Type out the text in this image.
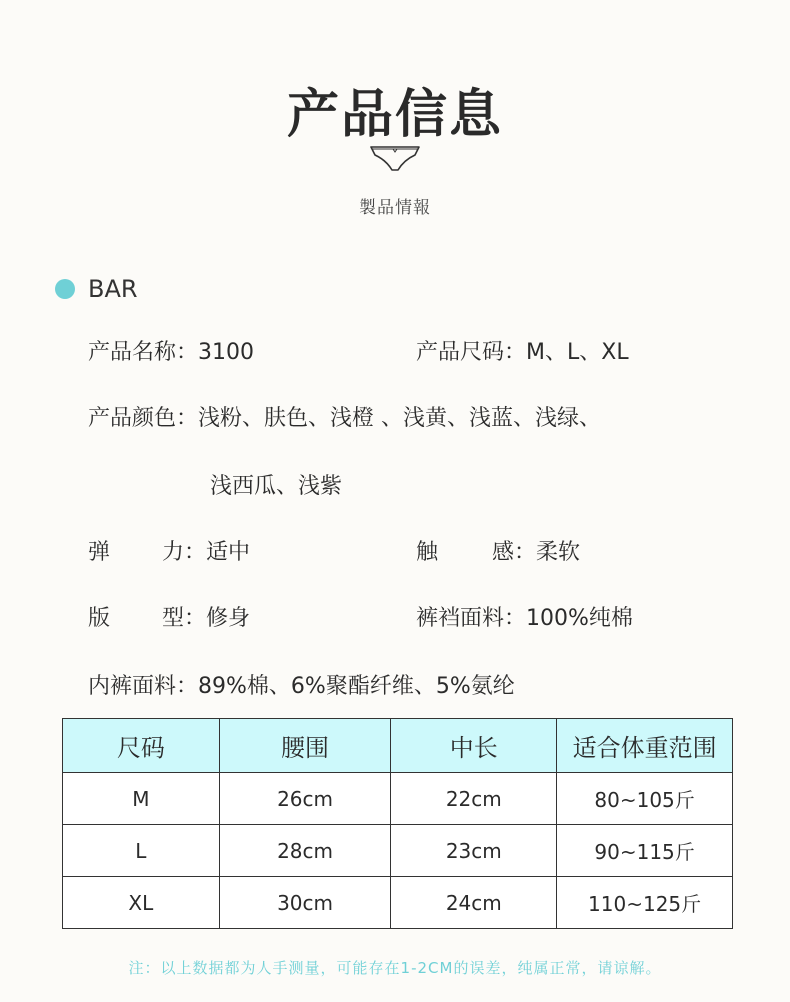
产品信息
製品情報
BAR
产品名称：3100	产品尺码：M、L、XL
产品颜色：浅粉、肤色、浅橙 、浅黄、浅蓝、浅绿、
浅西瓜、浅紫
弹 力：适中	触 感：柔软
版 型：修身	裤裆面料：100%纯棉
内裤面料：89%棉、6%聚酯纤维、5%氨纶
尺码	腰围	中长	适合体重范围
M	26cm	22cm	80~105斤
L	28cm	23cm	90~115斤
XL	30cm	24cm	110~125斤
注：以上数据都为人手测量，可能存在1-2CM的误差，纯属正常，请谅解。
